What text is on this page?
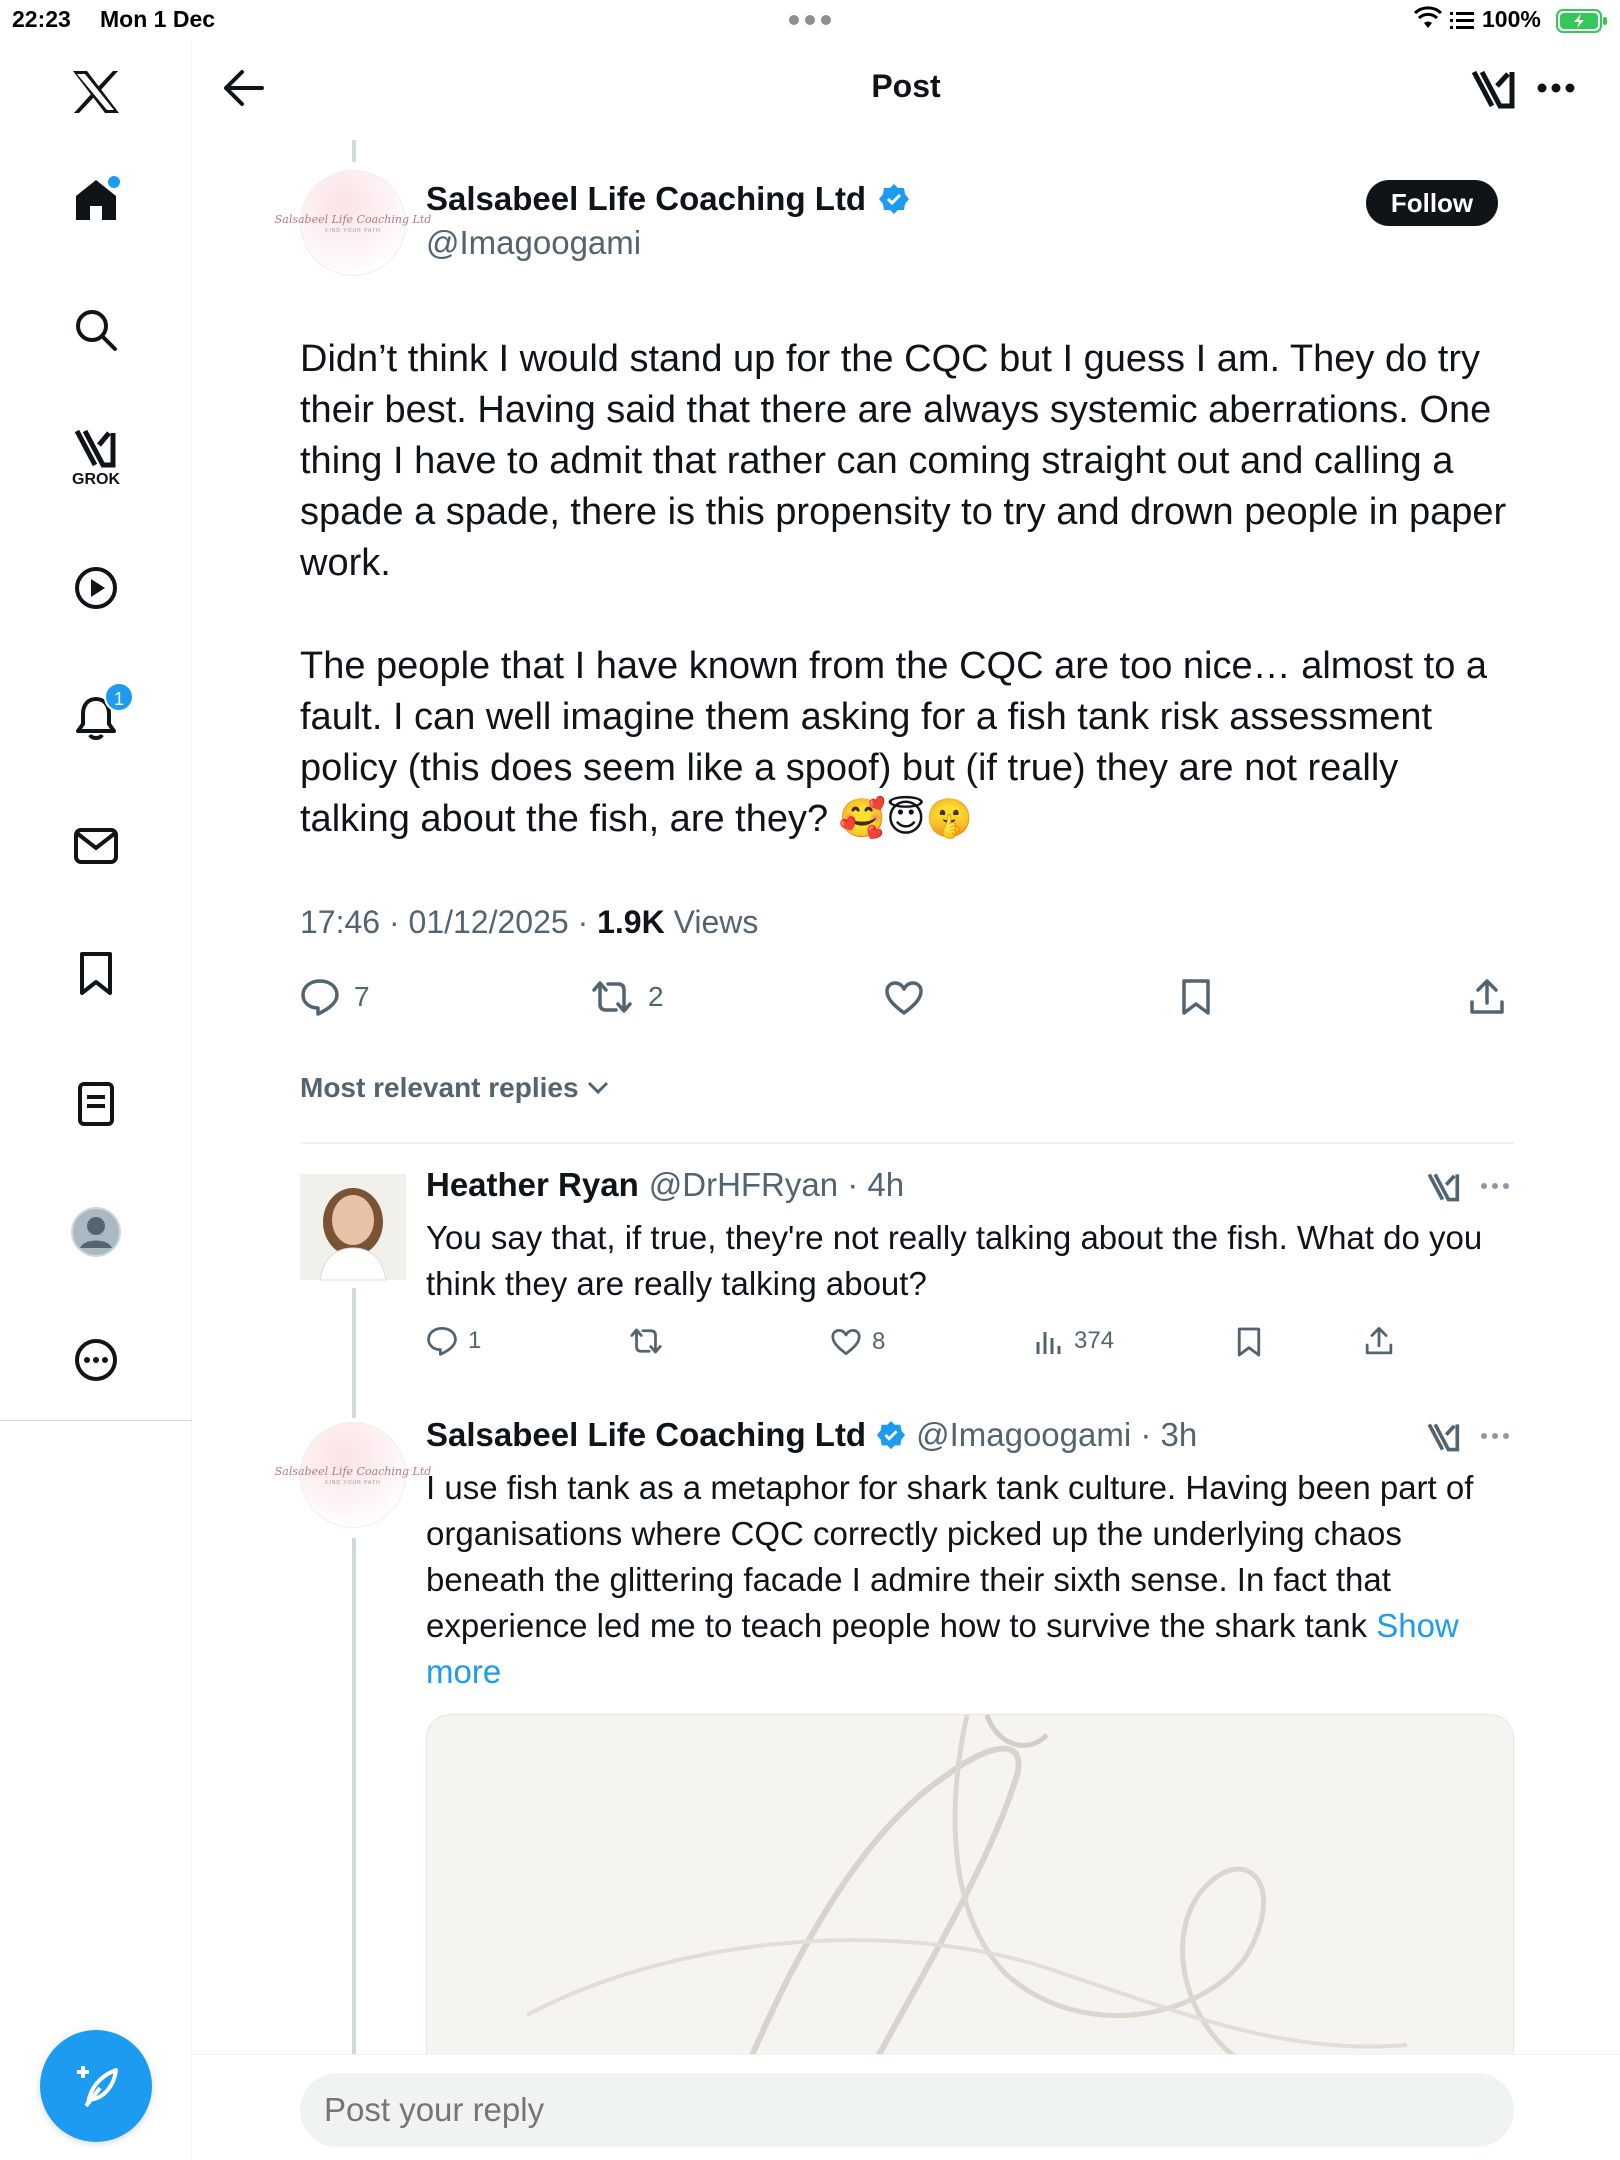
22:23 Mon 1 Dec	100%
GROK
1
Post
Salsabeel Life Coaching Ltd
FIND YOUR PATH
Salsabeel Life Coaching Ltd
@Imagoogami
Follow
Didn’t think I would stand up for the CQC but I guess I am. They do try their best. Having said that there are always systemic aberrations. One thing I have to admit that rather can coming straight out and calling a spade a spade, there is this propensity to try and drown people in paper work.
The people that I have known from the CQC are too nice… almost to a fault. I can well imagine them asking for a fish tank risk assessment policy (this does seem like a spoof) but (if true) they are not really talking about the fish, are they? 🥰😇🤫
17:46 · 01/12/2025 · 1.9K Views
7	2
Most relevant replies
Heather Ryan @DrHFRyan · 4h
You say that, if true, they're not really talking about the fish. What do you think they are really talking about?
1	8	374
Salsabeel Life Coaching Ltd
FIND YOUR PATH
Salsabeel Life Coaching Ltd @Imagoogami · 3h
I use fish tank as a metaphor for shark tank culture. Having been part of organisations where CQC correctly picked up the underlying chaos beneath the glittering facade I admire their sixth sense. In fact that experience led me to teach people how to survive the shark tank Show more
Post your reply
